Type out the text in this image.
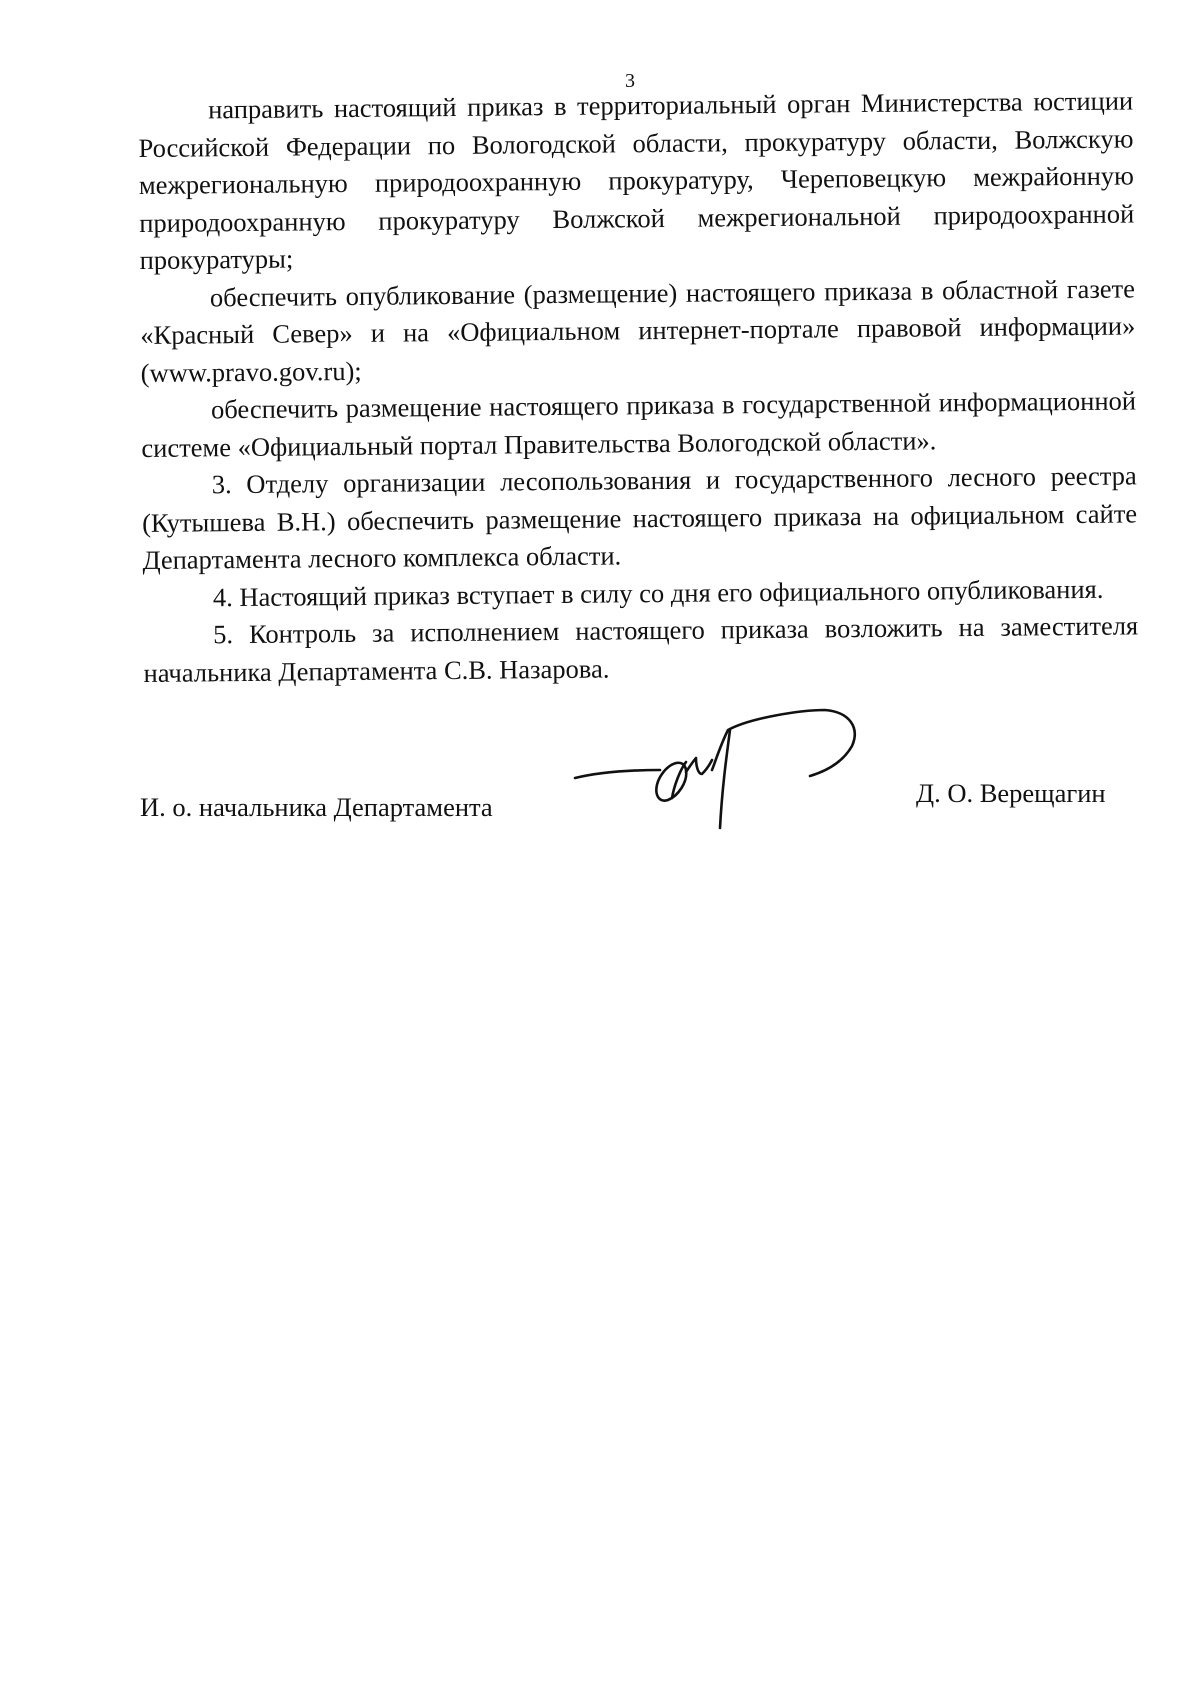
3

направить настоящий приказ в территориальный орган Министерства юстиции Российской Федерации по Вологодской области, прокуратуру области, Волжскую межрегиональную природоохранную прокуратуру, Череповецкую межрайонную природоохранную прокуратуру Волжской межрегиональной природоохранной прокуратуры;

обеспечить опубликование (размещение) настоящего приказа в областной газете «Красный Север» и на «Официальном интернет-портале правовой информации» (www.pravo.gov.ru);

обеспечить размещение настоящего приказа в государственной информационной системе «Официальный портал Правительства Вологодской области».

3. Отделу организации лесопользования и государственного лесного реестра (Кутышева В.Н.) обеспечить размещение настоящего приказа на официальном сайте Департамента лесного комплекса области.

4. Настоящий приказ вступает в силу со дня его официального опубликования.

5. Контроль за исполнением настоящего приказа возложить на заместителя начальника Департамента С.В. Назарова.

И. о. начальника Департамента	Д. О. Верещагин
